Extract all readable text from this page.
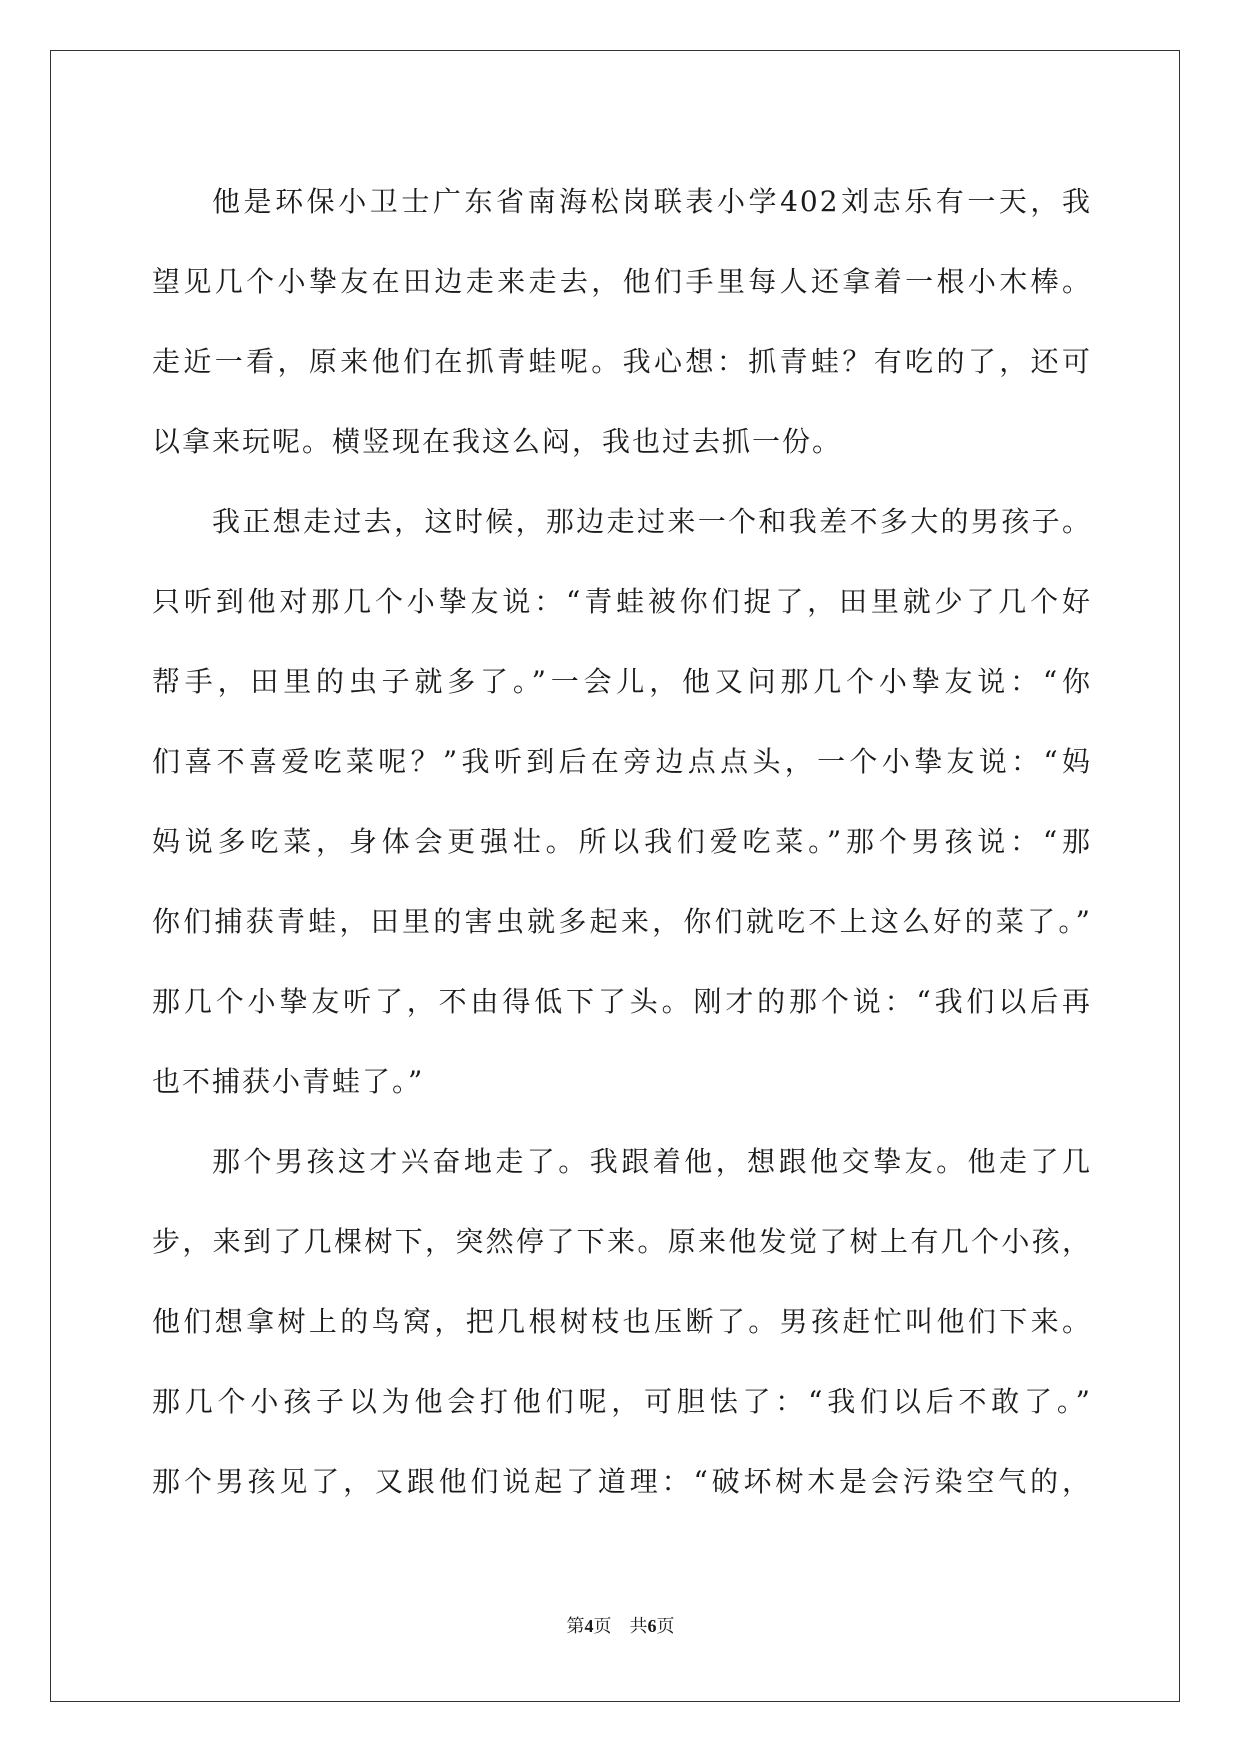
他是环保小卫士广东省南海松岗联表小学402刘志乐有一天，我
望见几个小挚友在田边走来走去，他们手里每人还拿着一根小木棒。
走近一看，原来他们在抓青蛙呢。我心想：抓青蛙？有吃的了，还可
以拿来玩呢。横竖现在我这么闷，我也过去抓一份。
我正想走过去，这时候，那边走过来一个和我差不多大的男孩子。
只听到他对那几个小挚友说：“青蛙被你们捉了，田里就少了几个好
帮手，田里的虫子就多了。”一会儿，他又问那几个小挚友说：“你
们喜不喜爱吃菜呢？”我听到后在旁边点点头，一个小挚友说：“妈
妈说多吃菜，身体会更强壮。所以我们爱吃菜。”那个男孩说：“那
你们捕获青蛙，田里的害虫就多起来，你们就吃不上这么好的菜了。”
那几个小挚友听了，不由得低下了头。刚才的那个说：“我们以后再
也不捕获小青蛙了。”
那个男孩这才兴奋地走了。我跟着他，想跟他交挚友。他走了几
步，来到了几棵树下，突然停了下来。原来他发觉了树上有几个小孩，
他们想拿树上的鸟窝，把几根树枝也压断了。男孩赶忙叫他们下来。
那几个小孩子以为他会打他们呢，可胆怯了：“我们以后不敢了。”
那个男孩见了，又跟他们说起了道理：“破坏树木是会污染空气的，
第4页　共6页
